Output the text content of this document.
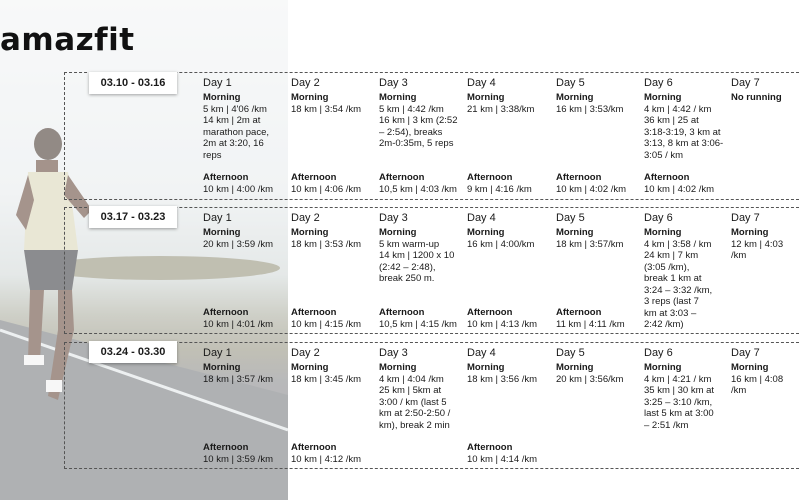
amazfit
03.10 - 03.16
03.17 - 03.23
03.24 - 03.30
Day 1
Morning
5 km | 4'06 /km
14 km | 2m at
marathon pace,
2m at 3:20, 16
reps
Afternoon
10 km | 4:00 /km
Day 2
Morning
18 km | 3:54 /km
Afternoon
10 km | 4:06 /km
Day 3
Morning
5 km | 4:42 /km
16 km | 3 km (2:52
– 2:54), breaks
2m-0:35m, 5 reps
Afternoon
10,5 km | 4:03 /km
Day 4
Morning
21 km | 3:38/km
Afternoon
9 km | 4:16 /km
Day 5
Morning
16 km | 3:53/km
Afternoon
10 km | 4:02 /km
Day 6
Morning
4 km | 4:42 / km
36 km | 25 at
3:18-3:19, 3 km at
3:13, 8 km at 3:06-
3:05 / km
Afternoon
10 km | 4:02 /km
Day 7
No running
Day 1
Morning
20 km | 3:59 /km
Afternoon
10 km | 4:01 /km
Day 2
Morning
18 km | 3:53 /km
Afternoon
10 km | 4:15 /km
Day 3
Morning
5 km warm-up
14 km | 1200 x 10
(2:42 – 2:48),
break 250 m.
Afternoon
10,5 km | 4:15 /km
Day 4
Morning
16 km | 4:00/km
Afternoon
10 km | 4:13 /km
Day 5
Morning
18 km | 3:57/km
Afternoon
11 km | 4:11 /km
Day 6
Morning
4 km | 3:58 / km
24 km | 7 km
(3:05 /km),
break 1 km at
3:24 – 3:32 /km,
3 reps (last 7
km at 3:03 –
2:42 /km)
Day 7
Morning
12 km | 4:03 /km
Day 1
Morning
18 km | 3:57 /km
Afternoon
10 km | 3:59 /km
Day 2
Morning
18 km | 3:45 /km
Afternoon
10 km | 4:12 /km
Day 3
Morning
4 km | 4:04 /km
25 km | 5km at
3:00 / km (last 5
km at 2:50-2:50 /
km), break 2 min
Day 4
Morning
18 km | 3:56 /km
Afternoon
10 km | 4:14 /km
Day 5
Morning
20 km | 3:56/km
Day 6
Morning
4 km | 4:21 / km
35 km | 30 km at
3:25 – 3:10 /km,
last 5 km at 3:00
– 2:51 /km
Day 7
Morning
16 km | 4:08 /km
